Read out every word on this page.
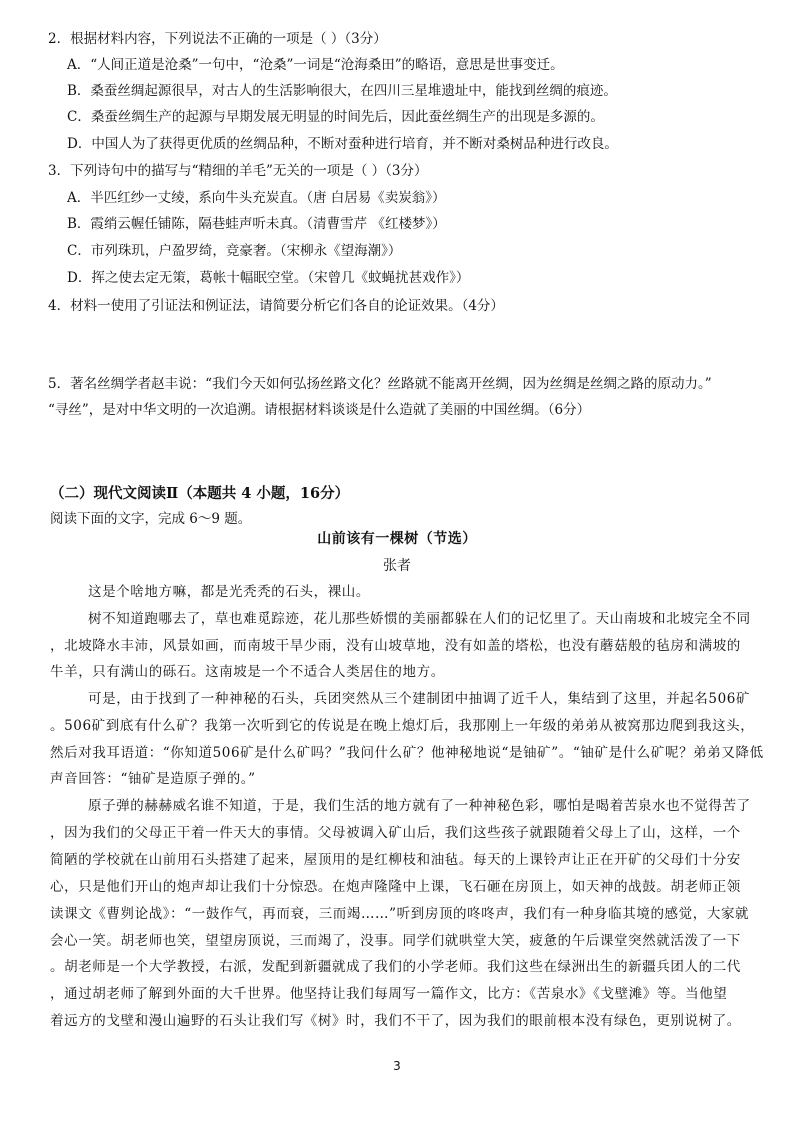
2．根据材料内容，下列说法不正确的一项是（ ）（3分）
A．“人间正道是沧桑”一句中，“沧桑”一词是“沧海桑田”的略语，意思是世事变迁。
B．桑蚕丝绸起源很早，对古人的生活影响很大，在四川三星堆遗址中，能找到丝绸的痕迹。
C．桑蚕丝绸生产的起源与早期发展无明显的时间先后，因此蚕丝绸生产的出现是多源的。
D．中国人为了获得更优质的丝绸品种，不断对蚕种进行培育，并不断对桑树品种进行改良。
3．下列诗句中的描写与“精细的羊毛”无关的一项是（ ）（3分）
A．半匹红纱一丈绫，系向牛头充炭直。（唐 白居易《卖炭翁》）
B．霞绡云幄任铺陈，隔巷蛙声听未真。（清曹雪芹 《红楼梦》）
C．市列珠玑，户盈罗绮，竞豪奢。（宋柳永《望海潮》）
D．挥之使去定无策，葛帐十幅眠空堂。（宋曾几《蚊蝇扰甚戏作》）
4．材料一使用了引证法和例证法，请简要分析它们各自的论证效果。（4分）
5．著名丝绸学者赵丰说：“我们今天如何弘扬丝路文化？丝路就不能离开丝绸，因为丝绸是丝绸之路的原动力。”
“寻丝”，是对中华文明的一次追溯。请根据材料谈谈是什么造就了美丽的中国丝绸。（6分）
（二）现代文阅读Ⅱ（本题共 4 小题，16分）
阅读下面的文字，完成 6～9 题。
山前该有一棵树（节选）
张者
这是个啥地方嘛，都是光秃秃的石头，裸山。
树不知道跑哪去了，草也难觅踪迹，花儿那些娇惯的美丽都躲在人们的记忆里了。天山南坡和北坡完全不同
，北坡降水丰沛，风景如画，而南坡干旱少雨，没有山坡草地，没有如盖的塔松，也没有蘑菇般的毡房和满坡的
牛羊，只有满山的砾石。这南坡是一个不适合人类居住的地方。
可是，由于找到了一种神秘的石头，兵团突然从三个建制团中抽调了近千人，集结到了这里，并起名506矿
。506矿到底有什么矿？我第一次听到它的传说是在晚上熄灯后，我那刚上一年级的弟弟从被窝那边爬到我这头，
然后对我耳语道：“你知道506矿是什么矿吗？”我问什么矿？他神秘地说“是铀矿”。“铀矿是什么矿呢？弟弟又降低
声音回答：“铀矿是造原子弹的。”
原子弹的赫赫威名谁不知道，于是，我们生活的地方就有了一种神秘色彩，哪怕是喝着苦泉水也不觉得苦了
，因为我们的父母正干着一件天大的事情。父母被调入矿山后，我们这些孩子就跟随着父母上了山，这样，一个
简陋的学校就在山前用石头搭建了起来，屋顶用的是红柳枝和油毡。每天的上课铃声让正在开矿的父母们十分安
心，只是他们开山的炮声却让我们十分惊恐。在炮声隆隆中上课，飞石砸在房顶上，如天神的战鼓。胡老师正领
读课文《曹刿论战》：“一鼓作气，再而衰，三而竭……”听到房顶的咚咚声，我们有一种身临其境的感觉，大家就
会心一笑。胡老师也笑，望望房顶说，三而竭了，没事。同学们就哄堂大笑，疲惫的午后课堂突然就活泼了一下
。胡老师是一个大学教授，右派，发配到新疆就成了我们的小学老师。我们这些在绿洲出生的新疆兵团人的二代
，通过胡老师了解到外面的大千世界。他坚持让我们每周写一篇作文，比方：《苦泉水》《戈壁滩》等。当他望
着远方的戈壁和漫山遍野的石头让我们写《树》时，我们不干了，因为我们的眼前根本没有绿色，更别说树了。
3
